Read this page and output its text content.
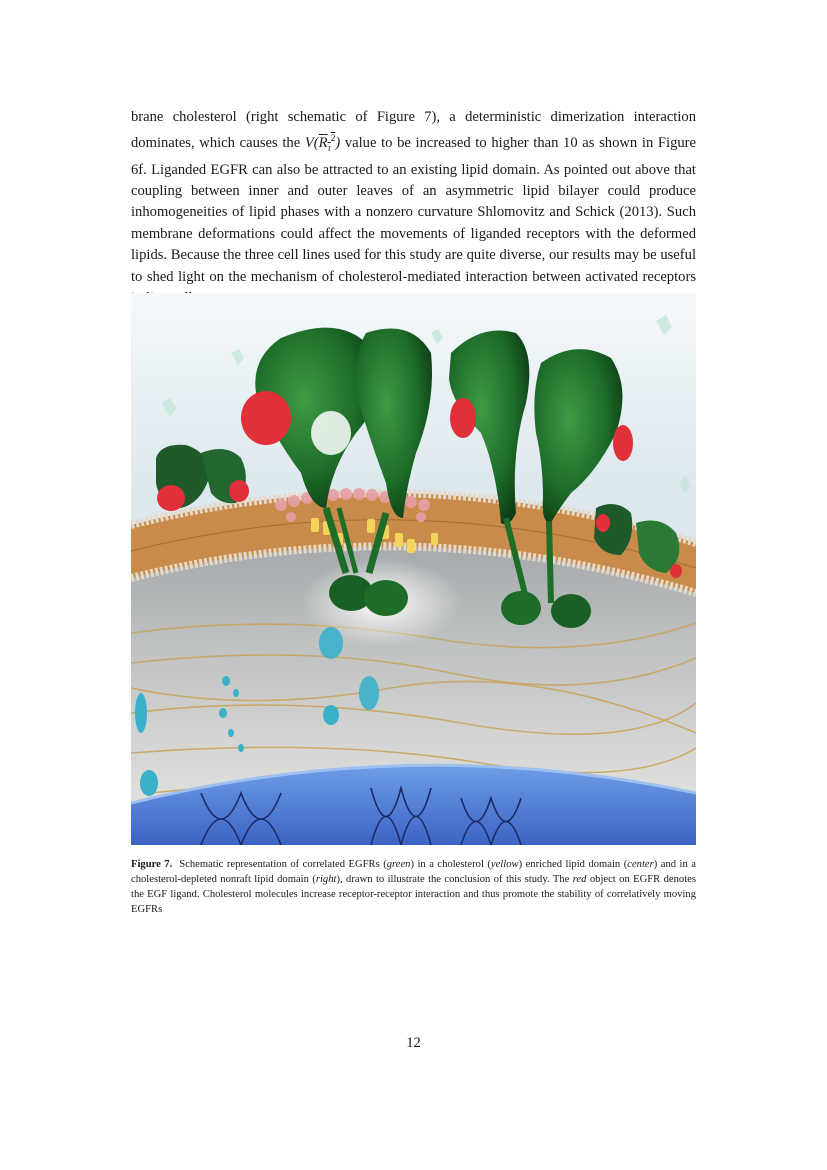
brane cholesterol (right schematic of Figure 7), a deterministic dimerization interaction dominates, which causes the $V(R_\tau^2)$ value to be increased to higher than 10 as shown in Figure 6f. Liganded EGFR can also be attracted to an existing lipid domain. As pointed out above that coupling between inner and outer leaves of an asymmetric lipid bilayer could produce inhomogeneities of lipid phases with a nonzero curvature Shlomovitz and Schick (2013). Such membrane deformations could affect the movements of liganded receptors with the deformed lipids. Because the three cell lines used for this study are quite diverse, our results may be useful to shed light on the mechanism of cholesterol-mediated interaction between activated receptors

Figure 7. Schematic representation of correlated EGFRs (green) in a cholesterol (yellow) enriched lipid domain (center) and in a cholesterol-depleted nonraft lipid domain (right), drawn to illustrate the conclusion of this study. The red object on EGFR denotes the EGF ligand. Cholesterol molecules increase receptor-receptor interaction and thus promote the stability of correlatively moving EGFRs

12
